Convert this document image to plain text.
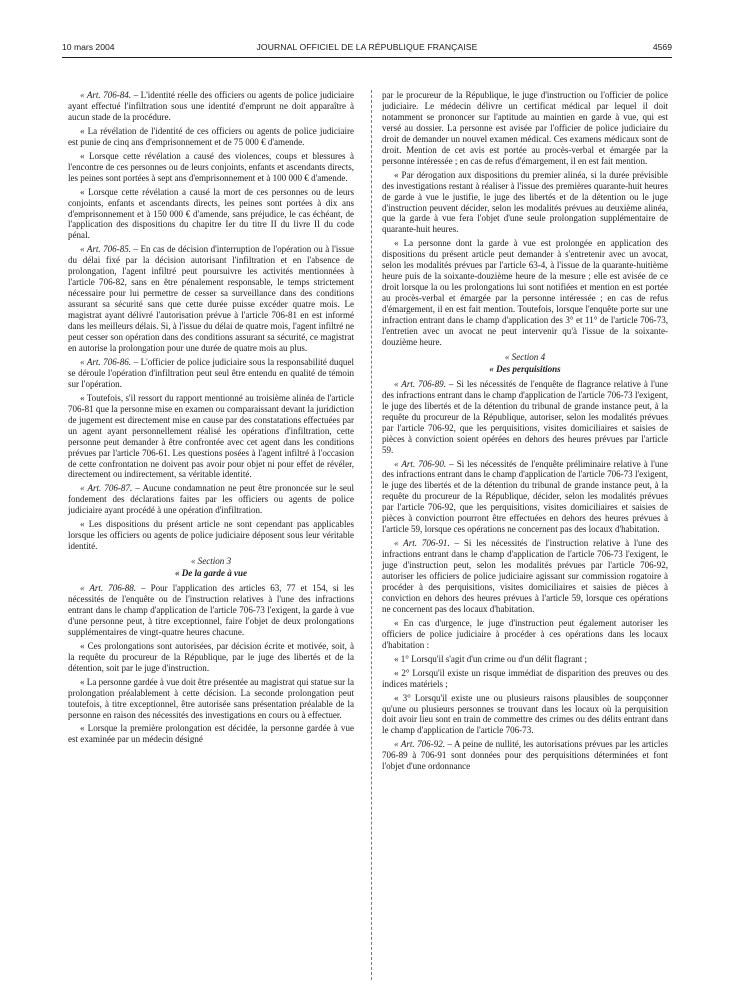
10 mars 2004	JOURNAL OFFICIEL DE LA RÉPUBLIQUE FRANÇAISE	4569

« Art. 706-84. – L'identité réelle des officiers ou agents de police judiciaire ayant effectué l'infiltration sous une identité d'emprunt ne doit apparaître à aucun stade de la procédure.

« La révélation de l'identité de ces officiers ou agents de police judiciaire est punie de cinq ans d'emprisonnement et de 75 000 € d'amende.

« Lorsque cette révélation a causé des violences, coups et blessures à l'encontre de ces personnes ou de leurs conjoints, enfants et ascendants directs, les peines sont portées à sept ans d'emprisonnement et à 100 000 € d'amende.

« Lorsque cette révélation a causé la mort de ces personnes ou de leurs conjoints, enfants et ascendants directs, les peines sont portées à dix ans d'emprisonnement et à 150 000 € d'amende, sans préjudice, le cas échéant, de l'application des dispositions du chapitre Ier du titre II du livre II du code pénal.

« Art. 706-85. – En cas de décision d'interruption de l'opération ou à l'issue du délai fixé par la décision autorisant l'infiltration et en l'absence de prolongation, l'agent infiltré peut poursuivre les activités mentionnées à l'article 706-82, sans en être pénalement responsable, le temps strictement nécessaire pour lui permettre de cesser sa surveillance dans des conditions assurant sa sécurité sans que cette durée puisse excéder quatre mois. Le magistrat ayant délivré l'autorisation prévue à l'article 706-81 en est informé dans les meilleurs délais. Si, à l'issue du délai de quatre mois, l'agent infiltré ne peut cesser son opération dans des conditions assurant sa sécurité, ce magistrat en autorise la prolongation pour une durée de quatre mois au plus.

« Art. 706-86. – L'officier de police judiciaire sous la responsabilité duquel se déroule l'opération d'infiltration peut seul être entendu en qualité de témoin sur l'opération.

« Toutefois, s'il ressort du rapport mentionné au troisième alinéa de l'article 706-81 que la personne mise en examen ou comparaissant devant la juridiction de jugement est directement mise en cause par des constatations effectuées par un agent ayant personnellement réalisé les opérations d'infiltration, cette personne peut demander à être confrontée avec cet agent dans les conditions prévues par l'article 706-61. Les questions posées à l'agent infiltré à l'occasion de cette confrontation ne doivent pas avoir pour objet ni pour effet de révéler, directement ou indirectement, sa véritable identité.

« Art. 706-87. – Aucune condamnation ne peut être prononcée sur le seul fondement des déclarations faites par les officiers ou agents de police judiciaire ayant procédé à une opération d'infiltration.

« Les dispositions du présent article ne sont cependant pas applicables lorsque les officiers ou agents de police judiciaire déposent sous leur véritable identité.

« Section 3

« De la garde à vue

« Art. 706-88. – Pour l'application des articles 63, 77 et 154, si les nécessités de l'enquête ou de l'instruction relatives à l'une des infractions entrant dans le champ d'application de l'article 706-73 l'exigent, la garde à vue d'une personne peut, à titre exceptionnel, faire l'objet de deux prolongations supplémentaires de vingt-quatre heures chacune.

« Ces prolongations sont autorisées, par décision écrite et motivée, soit, à la requête du procureur de la République, par le juge des libertés et de la détention, soit par le juge d'instruction.

« La personne gardée à vue doit être présentée au magistrat qui statue sur la prolongation préalablement à cette décision. La seconde prolongation peut toutefois, à titre exceptionnel, être autorisée sans présentation préalable de la personne en raison des nécessités des investigations en cours ou à effectuer.

« Lorsque la première prolongation est décidée, la personne gardée à vue est examinée par un médecin désigné

par le procureur de la République, le juge d'instruction ou l'officier de police judiciaire. Le médecin délivre un certificat médical par lequel il doit notamment se prononcer sur l'aptitude au maintien en garde à vue, qui est versé au dossier. La personne est avisée par l'officier de police judiciaire du droit de demander un nouvel examen médical. Ces examens médicaux sont de droit. Mention de cet avis est portée au procès-verbal et émargée par la personne intéressée ; en cas de refus d'émargement, il en est fait mention.

« Par dérogation aux dispositions du premier alinéa, si la durée prévisible des investigations restant à réaliser à l'issue des premières quarante-huit heures de garde à vue le justifie, le juge des libertés et de la détention ou le juge d'instruction peuvent décider, selon les modalités prévues au deuxième alinéa, que la garde à vue fera l'objet d'une seule prolongation supplémentaire de quarante-huit heures.

« La personne dont la garde à vue est prolongée en application des dispositions du présent article peut demander à s'entretenir avec un avocat, selon les modalités prévues par l'article 63-4, à l'issue de la quarante-huitième heure puis de la soixante-douzième heure de la mesure ; elle est avisée de ce droit lorsque la ou les prolongations lui sont notifiées et mention en est portée au procès-verbal et émargée par la personne intéressée ; en cas de refus d'émargement, il en est fait mention. Toutefois, lorsque l'enquête porte sur une infraction entrant dans le champ d'application des 3° et 11° de l'article 706-73, l'entretien avec un avocat ne peut intervenir qu'à l'issue de la soixante-douzième heure.

« Section 4

« Des perquisitions

« Art. 706-89. – Si les nécessités de l'enquête de flagrance relative à l'une des infractions entrant dans le champ d'application de l'article 706-73 l'exigent, le juge des libertés et de la détention du tribunal de grande instance peut, à la requête du procureur de la République, autoriser, selon les modalités prévues par l'article 706-92, que les perquisitions, visites domiciliaires et saisies de pièces à conviction soient opérées en dehors des heures prévues par l'article 59.

« Art. 706-90. – Si les nécessités de l'enquête préliminaire relative à l'une des infractions entrant dans le champ d'application de l'article 706-73 l'exigent, le juge des libertés et de la détention du tribunal de grande instance peut, à la requête du procureur de la République, décider, selon les modalités prévues par l'article 706-92, que les perquisitions, visites domiciliaires et saisies de pièces à conviction pourront être effectuées en dehors des heures prévues à l'article 59, lorsque ces opérations ne concernent pas des locaux d'habitation.

« Art. 706-91. – Si les nécessités de l'instruction relative à l'une des infractions entrant dans le champ d'application de l'article 706-73 l'exigent, le juge d'instruction peut, selon les modalités prévues par l'article 706-92, autoriser les officiers de police judiciaire agissant sur commission rogatoire à procéder à des perquisitions, visites domiciliaires et saisies de pièces à conviction en dehors des heures prévues à l'article 59, lorsque ces opérations ne concernent pas des locaux d'habitation.

« En cas d'urgence, le juge d'instruction peut également autoriser les officiers de police judiciaire à procéder à ces opérations dans les locaux d'habitation :

« 1° Lorsqu'il s'agit d'un crime ou d'un délit flagrant ;

« 2° Lorsqu'il existe un risque immédiat de disparition des preuves ou des indices matériels ;

« 3° Lorsqu'il existe une ou plusieurs raisons plausibles de soupçonner qu'une ou plusieurs personnes se trouvant dans les locaux où la perquisition doit avoir lieu sont en train de commettre des crimes ou des délits entrant dans le champ d'application de l'article 706-73.

« Art. 706-92. – A peine de nullité, les autorisations prévues par les articles 706-89 à 706-91 sont données pour des perquisitions déterminées et font l'objet d'une ordonnance
